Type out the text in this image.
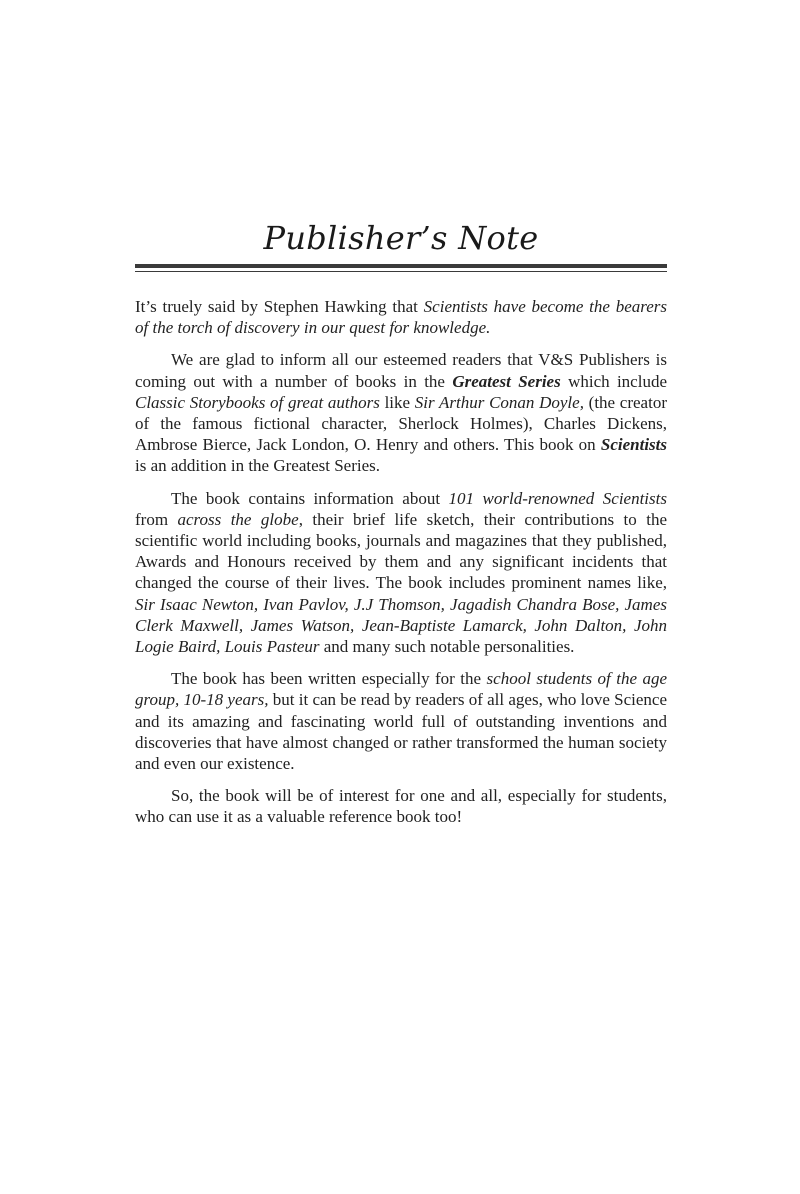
Publisher’s Note

It’s truely said by Stephen Hawking that Scientists have become the bearers of the torch of discovery in our quest for knowledge.

We are glad to inform all our esteemed readers that V&S Publishers is coming out with a number of books in the Greatest Series which include Classic Storybooks of great authors like Sir Arthur Conan Doyle, (the creator of the famous fictional character, Sherlock Holmes), Charles Dickens, Ambrose Bierce, Jack London, O. Henry and others. This book on Scientists is an addition in the Greatest Series.

The book contains information about 101 world-renowned Scientists from across the globe, their brief life sketch, their contributions to the scientific world including books, journals and magazines that they published, Awards and Honours received by them and any significant incidents that changed the course of their lives. The book includes prominent names like, Sir Isaac Newton, Ivan Pavlov, J.J Thomson, Jagadish Chandra Bose, James Clerk Maxwell, James Watson, Jean-Baptiste Lamarck, John Dalton, John Logie Baird, Louis Pasteur and many such notable personalities.

The book has been written especially for the school students of the age group, 10-18 years, but it can be read by readers of all ages, who love Science and its amazing and fascinating world full of outstanding inventions and discoveries that have almost changed or rather transformed the human society and even our existence.

So, the book will be of interest for one and all, especially for students, who can use it as a valuable reference book too!
